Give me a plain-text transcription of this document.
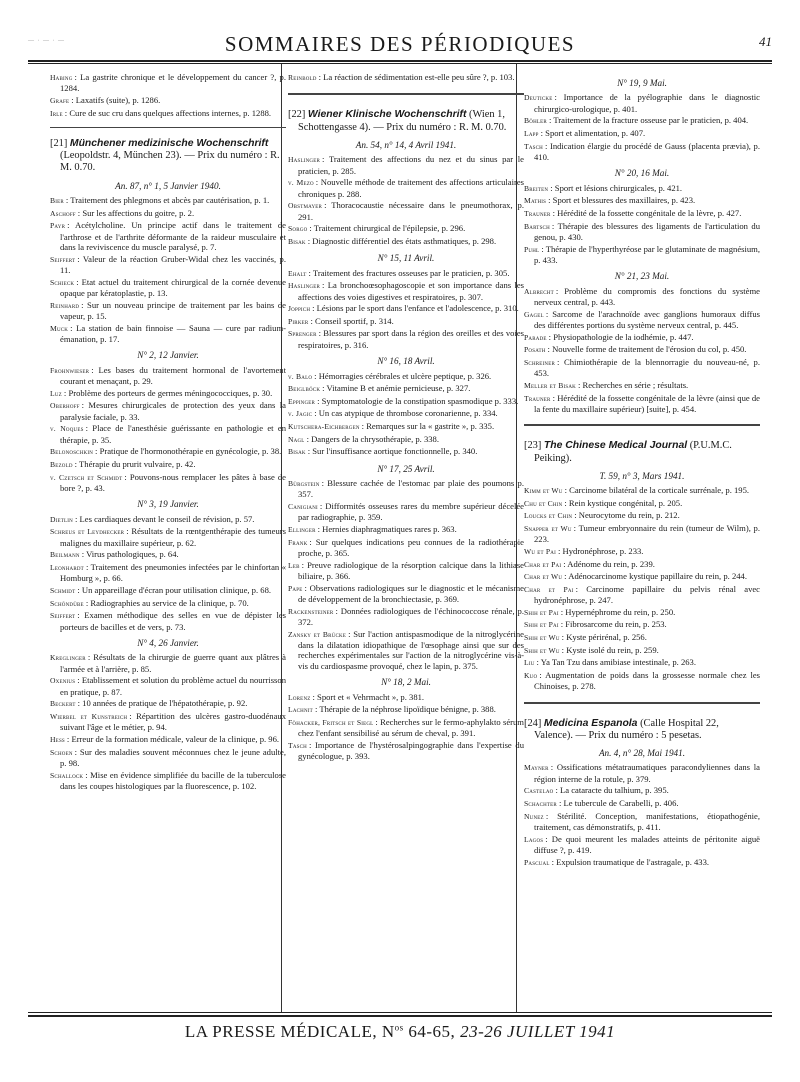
— · — · —	SOMMAIRES DES PÉRIODIQUES	41

Habing : La gastrite chronique et le développement du cancer ?, p. 1284.

Grafe : Laxatifs (suite), p. 1286.

Irle : Cure de suc cru dans quelques affections internes, p. 1288.

[21] Münchener medizinische Wochenschrift (Leopoldstr. 4, München 23). — Prix du numéro : R. M. 0.70.
An. 87, n° 1, 5 Janvier 1940.

Bier : Traitement des phlegmons et abcès par cautérisation, p. 1.

Aschoff : Sur les affections du goitre, p. 2.

Payr : Acétylcholine. Un principe actif dans le traitement de l'arthrose et de l'arthrite déformante de la raideur musculaire et dans la reviviscence du muscle paralysé, p. 7.

Seiffert : Valeur de la réaction Gruber-Widal chez les vaccinés, p. 11.

Schieck : Etat actuel du traitement chirurgical de la cornée devenue opaque par kératoplastie, p. 13.

Reinhard : Sur un nouveau principe de traitement par les bains de vapeur, p. 15.

Muck : La station de bain finnoise — Sauna — cure par radium-émanation, p. 17.

N° 2, 12 Janvier.

Frohnwieser : Les bases du traitement hormonal de l'avortement courant et menaçant, p. 29.

Luz : Problème des porteurs de germes méningococciques, p. 30.

Oberhoff : Mesures chirurgicales de protection des yeux dans la paralysie faciale, p. 33.

v. Noques : Place de l'anesthésie guérissante en pathologie et en thérapie, p. 35.

Belonoschkin : Pratique de l'hormonothérapie en gynécologie, p. 38.

Bezold : Thérapie du prurit vulvaire, p. 42.

v. Czetsch et Schmidt : Pouvons-nous remplacer les pâtes à base de bore ?, p. 43.

N° 3, 19 Janvier.

Dietlin : Les cardiaques devant le conseil de révision, p. 57.

Schreus et Leydhecker : Résultats de la rœntgenthérapie des tumeurs malignes du maxillaire supérieur, p. 62.

Beilmann : Virus pathologiques, p. 64.

Leonhardt : Traitement des pneumonies infectées par le chinfortan « Homburg », p. 66.

Schmidt : Un appareillage d'écran pour utilisation clinique, p. 68.

Schöndübe : Radiographies au service de la clinique, p. 70.

Seiffert : Examen méthodique des selles en vue de dépister les porteurs de bacilles et de vers, p. 73.

N° 4, 26 Janvier.

Kreglinger : Résultats de la chirurgie de guerre quant aux plâtres à l'armée et à l'arrière, p. 85.

Oxenius : Etablissement et solution du problème actuel du nourrisson en pratique, p. 87.

Beckert : 10 années de pratique de l'hépatothérapie, p. 92.

Wierbel et Kunstreich : Répartition des ulcères gastro-duodénaux suivant l'âge et le métier, p. 94.

Hess : Erreur de la formation médicale, valeur de la clinique, p. 96.

Schoen : Sur des maladies souvent méconnues chez le jeune adulte, p. 98.

Schallock : Mise en évidence simplifiée du bacille de la tuberculose dans les coupes histologiques par la fluorescence, p. 102.

Reinbold : La réaction de sédimentation est-elle peu sûre ?, p. 103.

[22] Wiener Klinische Wochenschrift (Wien 1, Schottengasse 4). — Prix du numéro : R. M. 0.70.
An. 54, n° 14, 4 Avril 1941.

Haslinger : Traitement des affections du nez et du sinus par le praticien, p. 285.

v. Mezo : Nouvelle méthode de traitement des affections articulaires chroniques p. 288.

Obstmayer : Thoracocaustie nécessaire dans le pneumothorax, p. 291.

Sorgo : Traitement chirurgical de l'épilepsie, p. 296.

Bisak : Diagnostic différentiel des états asthmatiques, p. 298.

N° 15, 11 Avril.

Ehalt : Traitement des fractures osseuses par le praticien, p. 305.

Haslinger : La bronchoœsophagoscopie et son importance dans les affections des voies digestives et respiratoires, p. 307.

Joppich : Lésions par le sport dans l'enfance et l'adolescence, p. 310.

Pirker : Conseil sportif, p. 314.

Sprenger : Blessures par sport dans la région des oreilles et des voies respiratoires, p. 316.

N° 16, 18 Avril.

v. Balo : Hémorragies cérébrales et ulcère peptique, p. 326.

Beiglböck : Vitamine B et anémie pernicieuse, p. 327.

Eppinger : Symptomatologie de la constipation spasmodique p. 333.

v. Jagic : Un cas atypique de thrombose coronarienne, p. 334.

Kutschera-Eichbergen : Remarques sur la « gastrite », p. 335.

Nagl : Dangers de la chrysothérapie, p. 338.

Bisak : Sur l'insuffisance aortique fonctionnelle, p. 340.

N° 17, 25 Avril.

Bürgstein : Blessure cachée de l'estomac par plaie des poumons p. 357.

Canigiani : Difformités osseuses rares du membre supérieur décelée par radiographie, p. 359.

Ellinger : Hernies diaphragmatiques rares p. 363.

Frank : Sur quelques indications peu connues de la radiothérapie proche, p. 365.

Leb : Preuve radiologique de la résorption calcique dans la lithiase biliaire, p. 366.

Pape : Observations radiologiques sur le diagnostic et le mécanisme de développement de la bronchiectasie, p. 369.

Rackensteiner : Données radiologiques de l'échinococcose rénale, p. 372.

Zansky et Brücke : Sur l'action antispasmodique de la nitroglycérine dans la dilatation idiopathique de l'œsophage ainsi que sur des recherches expérimentales sur l'action de la nitroglycérine vis-à-vis du cardiospasme provoqué, chez le lapin, p. 375.

N° 18, 2 Mai.

Lorenz : Sport et « Vehrmacht », p. 381.

Lachnit : Thérapie de la néphrose lipoïdique bénigne, p. 388.

Föhacker, Fritsch et Siegl : Recherches sur le fermo-aphylakto sérum chez l'enfant sensibilisé au sérum de cheval, p. 391.

Tasch : Importance de l'hystérosalpingographie dans l'expertise du gynécologue, p. 393.

N° 19, 9 Mai.

Deuticke : Importance de la pyélographie dans le diagnostic chirurgico-urologique, p. 401.

Böhler : Traitement de la fracture osseuse par le praticien, p. 404.

Lapp : Sport et alimentation, p. 407.

Tasch : Indication élargie du procédé de Gauss (placenta prævia), p. 410.

N° 20, 16 Mai.

Breiten : Sport et lésions chirurgicales, p. 421.

Mathis : Sport et blessures des maxillaires, p. 423.

Trauner : Hérédité de la fossette congénitale de la lèvre, p. 427.

Bartsch : Thérapie des blessures des ligaments de l'articulation du genou, p. 430.

Puhl : Thérapie de l'hyperthyréose par le glutaminate de magnésium, p. 433.

N° 21, 23 Mai.

Albrecht : Problème du compromis des fonctions du système nerveux central, p. 443.

Gagel : Sarcome de l'arachnoïde avec ganglions humoraux diffus des différentes portions du système nerveux central, p. 445.

Parade : Physiopathologie de la iodhémie, p. 447.

Posath : Nouvelle forme de traitement de l'érosion du col, p. 450.

Schreiner : Chimiothérapie de la blennorragie du nouveau-né, p. 453.

Meller et Bisak : Recherches en série ; résultats.

Trauner : Hérédité de la fossette congénitale de la lèvre (ainsi que de la fente du maxillaire supérieur) [suite], p. 454.

[23] The Chinese Medical Journal (P.U.M.C. Peiking).
T. 59, n° 3, Mars 1941.

Kimm et Wu : Carcinome bilatéral de la corticale surrénale, p. 195.

Chu et Chin : Rein kystique congénital, p. 205.

Loucks et Chin : Neurocytome du rein, p. 212.

Snapper et Wu : Tumeur embryonnaire du rein (tumeur de Wilm), p. 223.

Wu et Pai : Hydronéphrose, p. 233.

Char et Pai : Adénome du rein, p. 239.

Char et Wu : Adénocarcinome kystique papillaire du rein, p. 244.

Char et Pai : Carcinome papillaire du pelvis rénal avec hydronéphrose, p. 247.

Shih et Pai : Hypernéphrome du rein, p. 250.

Shih et Pai : Fibrosarcome du rein, p. 253.

Shih et Wu : Kyste périrénal, p. 256.

Shih et Wu : Kyste isolé du rein, p. 259.

Liu : Ya Tan Tzu dans amibiase intestinale, p. 263.

Kuo : Augmentation de poids dans la grossesse normale chez les Chinoises, p. 278.

[24] Medicina Espanola (Calle Hospital 22, Valence). — Prix du numéro : 5 pesetas.
An. 4, n° 28, Mai 1941.

Mayner : Ossifications métatraumatiques paracondyliennes dans la région interne de la rotule, p. 379.

Castelao : La cataracte du talhium, p. 395.

Schachter : Le tubercule de Carabelli, p. 406.

Nunez : Stérilité. Conception, manifestations, étiopathogénie, traitement, cas démonstratifs, p. 411.

Lagos : De quoi meurent les malades atteints de péritonite aiguë diffuse ?, p. 419.

Pascual : Expulsion traumatique de l'astragale, p. 433.

LA PRESSE MÉDICALE, $N^{os}$ 64-65, 23-26 JUILLET 1941
